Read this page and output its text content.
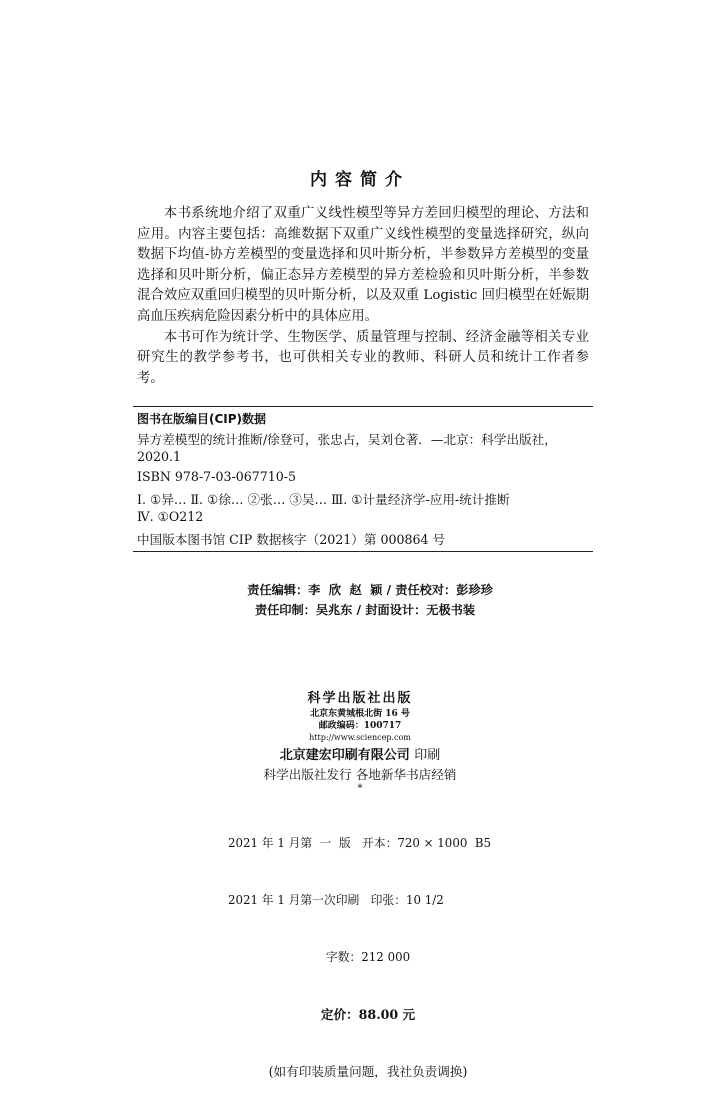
内容简介

本书系统地介绍了双重广义线性模型等异方差回归模型的理论、方法和应用。内容主要包括：高维数据下双重广义线性模型的变量选择研究，纵向数据下均值-协方差模型的变量选择和贝叶斯分析，半参数异方差模型的变量选择和贝叶斯分析，偏正态异方差模型的异方差检验和贝叶斯分析，半参数混合效应双重回归模型的贝叶斯分析，以及双重 Logistic 回归模型在妊娠期高血压疾病危险因素分析中的具体应用。

本书可作为统计学、生物医学、质量管理与控制、经济金融等相关专业研究生的教学参考书，也可供相关专业的教师、科研人员和统计工作者参考。

图书在版编目(CIP)数据
异方差模型的统计推断/徐登可，张忠占，吴刘仓著．—北京：科学出版社，
2020.1
ISBN 978-7-03-067710-5
Ⅰ. ①异… Ⅱ. ①徐… ②张… ③吴… Ⅲ. ①计量经济学-应用-统计推断
Ⅳ. ①O212
中国版本图书馆 CIP 数据核字（2021）第 000864 号
责任编辑：李  欣  赵  颖 / 责任校对：彭珍珍
责任印制：吴兆东 / 封面设计：无极书装
科学出版社出版
北京东黄城根北街 16 号
邮政编码：100717
http://www.sciencep.com
北京建宏印刷有限公司 印刷
科学出版社发行 各地新华书店经销
*

2021 年 1 月第  一  版   开本：720 × 1000  B5

2021 年 1 月第一次印刷   印张：10 1/2

字数：212 000

定价：88.00 元

(如有印装质量问题，我社负责调换)
